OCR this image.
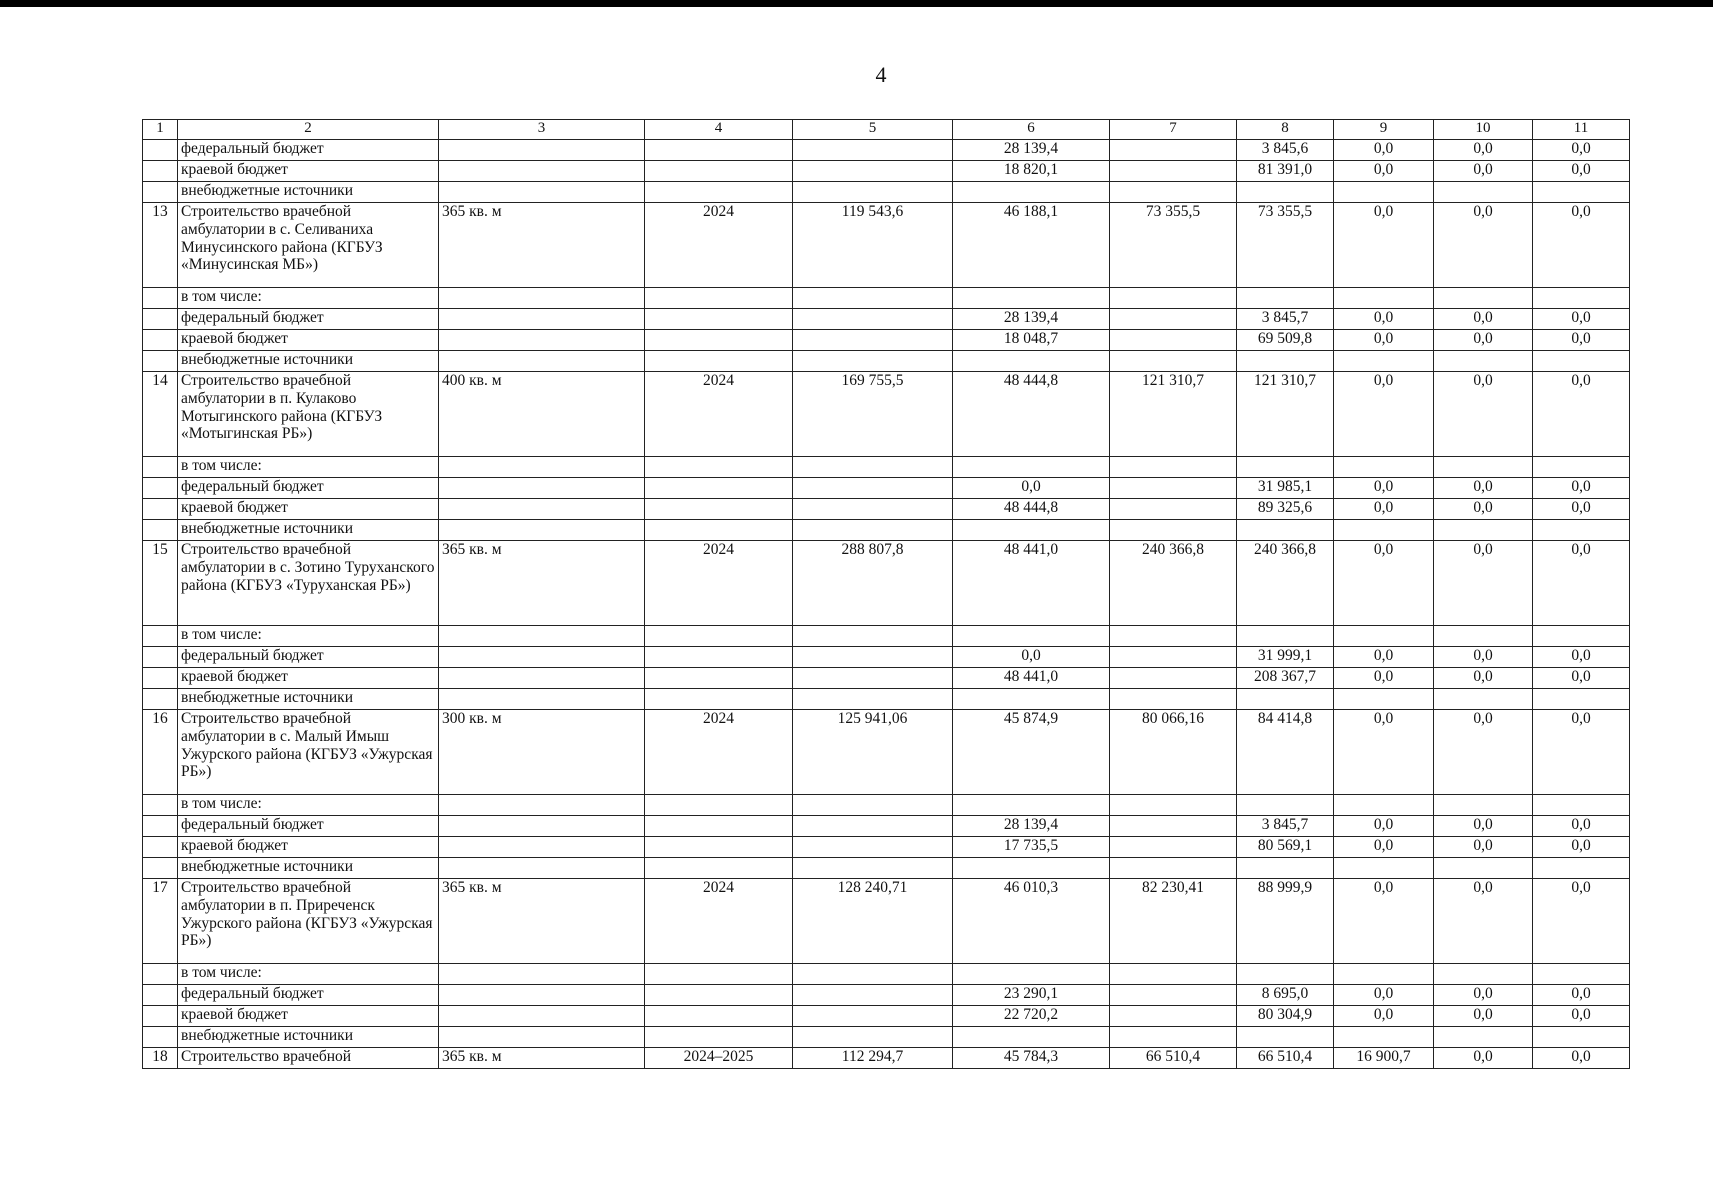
4
1	2	3	4	5	6	7	8	9	10	11
	федеральный бюджет				28 139,4		3 845,6	0,0	0,0	0,0
	краевой бюджет				18 820,1		81 391,0	0,0	0,0	0,0
	внебюджетные источники									
13	Строительство врачебной амбулатории в с. Селиваниха Минусинского района (КГБУЗ «Минусинская МБ»)	365 кв. м	2024	119 543,6	46 188,1	73 355,5	73 355,5	0,0	0,0	0,0
	в том числе:									
	федеральный бюджет				28 139,4		3 845,7	0,0	0,0	0,0
	краевой бюджет				18 048,7		69 509,8	0,0	0,0	0,0
	внебюджетные источники									
14	Строительство врачебной амбулатории в п. Кулаково Мотыгинского района (КГБУЗ «Мотыгинская РБ»)	400 кв. м	2024	169 755,5	48 444,8	121 310,7	121 310,7	0,0	0,0	0,0
	в том числе:									
	федеральный бюджет				0,0		31 985,1	0,0	0,0	0,0
	краевой бюджет				48 444,8		89 325,6	0,0	0,0	0,0
	внебюджетные источники									
15	Строительство врачебной амбулатории в с. Зотино Туруханского района (КГБУЗ «Туруханская РБ»)	365 кв. м	2024	288 807,8	48 441,0	240 366,8	240 366,8	0,0	0,0	0,0
	в том числе:									
	федеральный бюджет				0,0		31 999,1	0,0	0,0	0,0
	краевой бюджет				48 441,0		208 367,7	0,0	0,0	0,0
	внебюджетные источники									
16	Строительство врачебной амбулатории в с. Малый Имыш Ужурского района (КГБУЗ «Ужурская РБ»)	300 кв. м	2024	125 941,06	45 874,9	80 066,16	84 414,8	0,0	0,0	0,0
	в том числе:									
	федеральный бюджет				28 139,4		3 845,7	0,0	0,0	0,0
	краевой бюджет				17 735,5		80 569,1	0,0	0,0	0,0
	внебюджетные источники									
17	Строительство врачебной амбулатории в п. Приреченск Ужурского района (КГБУЗ «Ужурская РБ»)	365 кв. м	2024	128 240,71	46 010,3	82 230,41	88 999,9	0,0	0,0	0,0
	в том числе:									
	федеральный бюджет				23 290,1		8 695,0	0,0	0,0	0,0
	краевой бюджет				22 720,2		80 304,9	0,0	0,0	0,0
	внебюджетные источники									
18	Строительство врачебной	365 кв. м	2024–2025	112 294,7	45 784,3	66 510,4	66 510,4	16 900,7	0,0	0,0
